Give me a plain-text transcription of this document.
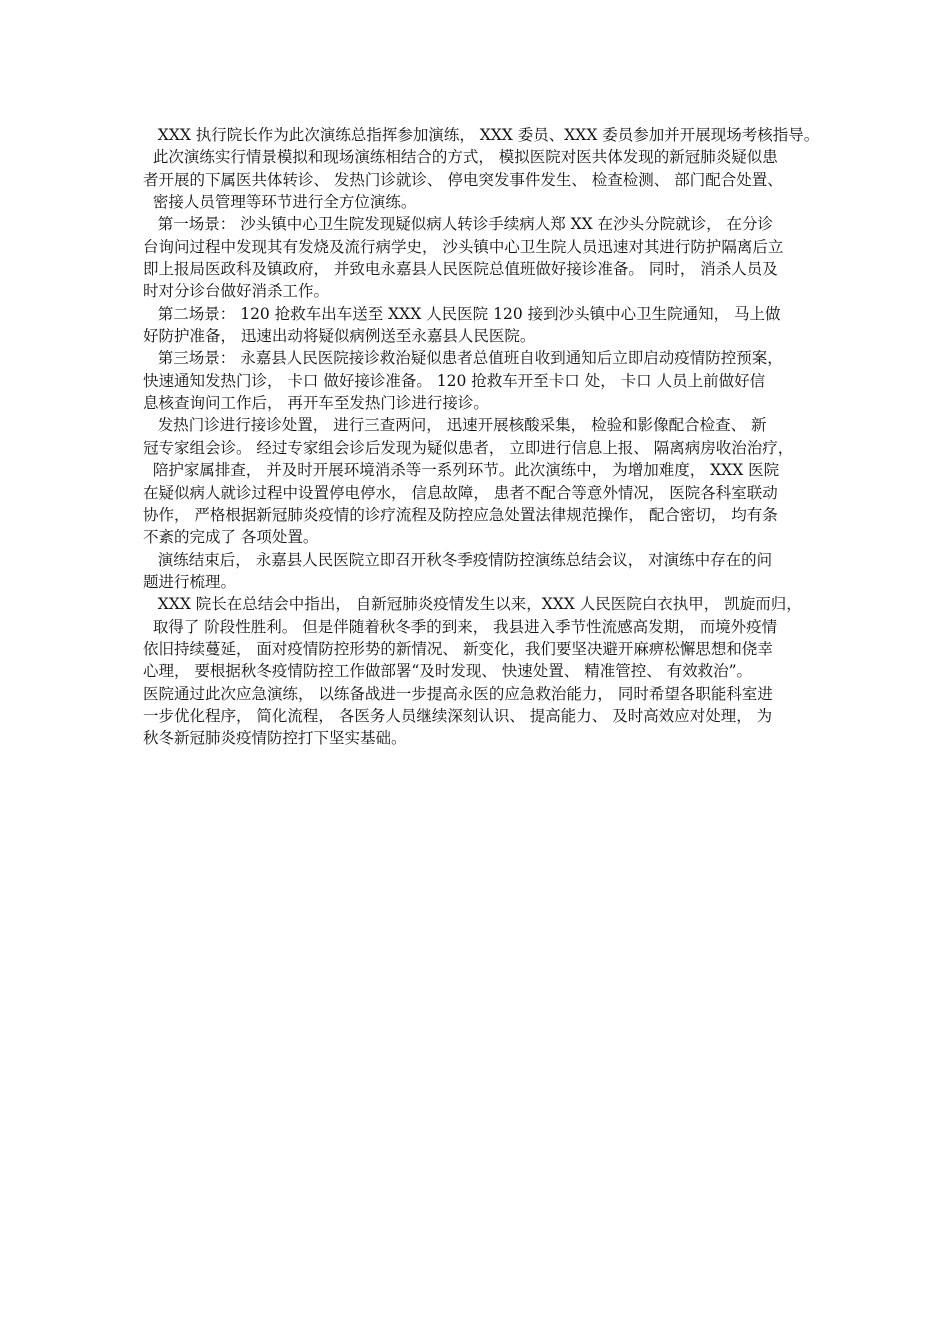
XXX 执行院长作为此次演练总指挥参加演练， XXX 委员、XXX 委员参加并开展现场考核指导。
此次演练实行情景模拟和现场演练相结合的方式， 模拟医院对医共体发现的新冠肺炎疑似患
者开展的下属医共体转诊、 发热门诊就诊、 停电突发事件发生、 检查检测、 部门配合处置、
密接人员管理等环节进行全方位演练。
第一场景： 沙头镇中心卫生院发现疑似病人转诊手续病人郑 XX 在沙头分院就诊， 在分诊
台询问过程中发现其有发烧及流行病学史， 沙头镇中心卫生院人员迅速对其进行防护隔离后立
即上报局医政科及镇政府， 并致电永嘉县人民医院总值班做好接诊准备。 同时， 消杀人员及
时对分诊台做好消杀工作。
第二场景： 120 抢救车出车送至 XXX 人民医院 120 接到沙头镇中心卫生院通知， 马上做
好防护准备， 迅速出动将疑似病例送至永嘉县人民医院。
第三场景： 永嘉县人民医院接诊救治疑似患者总值班自收到通知后立即启动疫情防控预案，
快速通知发热门诊， 卡口 做好接诊准备。 120 抢救车开至卡口 处， 卡口 人员上前做好信
息核查询问工作后， 再开车至发热门诊进行接诊。
发热门诊进行接诊处置， 进行三查两问， 迅速开展核酸采集， 检验和影像配合检查、 新
冠专家组会诊。 经过专家组会诊后发现为疑似患者， 立即进行信息上报、 隔离病房收治治疗，
陪护家属排查， 并及时开展环境消杀等一系列环节。此次演练中， 为增加难度， XXX 医院
在疑似病人就诊过程中设置停电停水， 信息故障， 患者不配合等意外情况， 医院各科室联动
协作， 严格根据新冠肺炎疫情的诊疗流程及防控应急处置法律规范操作， 配合密切， 均有条
不紊的完成了 各项处置。
演练结束后， 永嘉县人民医院立即召开秋冬季疫情防控演练总结会议， 对演练中存在的问
题进行梳理。
XXX 院长在总结会中指出， 自新冠肺炎疫情发生以来，XXX 人民医院白衣执甲， 凯旋而归，
取得了 阶段性胜利。 但是伴随着秋冬季的到来， 我县进入季节性流感高发期， 而境外疫情
依旧持续蔓延， 面对疫情防控形势的新情况、 新变化，我们要坚决避开麻痹松懈思想和侥幸
心理， 要根据秋冬疫情防控工作做部署“及时发现、 快速处置、 精准管控、 有效救治”。
医院通过此次应急演练， 以练备战进一步提高永医的应急救治能力， 同时希望各职能科室进
一步优化程序， 简化流程， 各医务人员继续深刻认识、 提高能力、 及时高效应对处理， 为
秋冬新冠肺炎疫情防控打下坚实基础。
